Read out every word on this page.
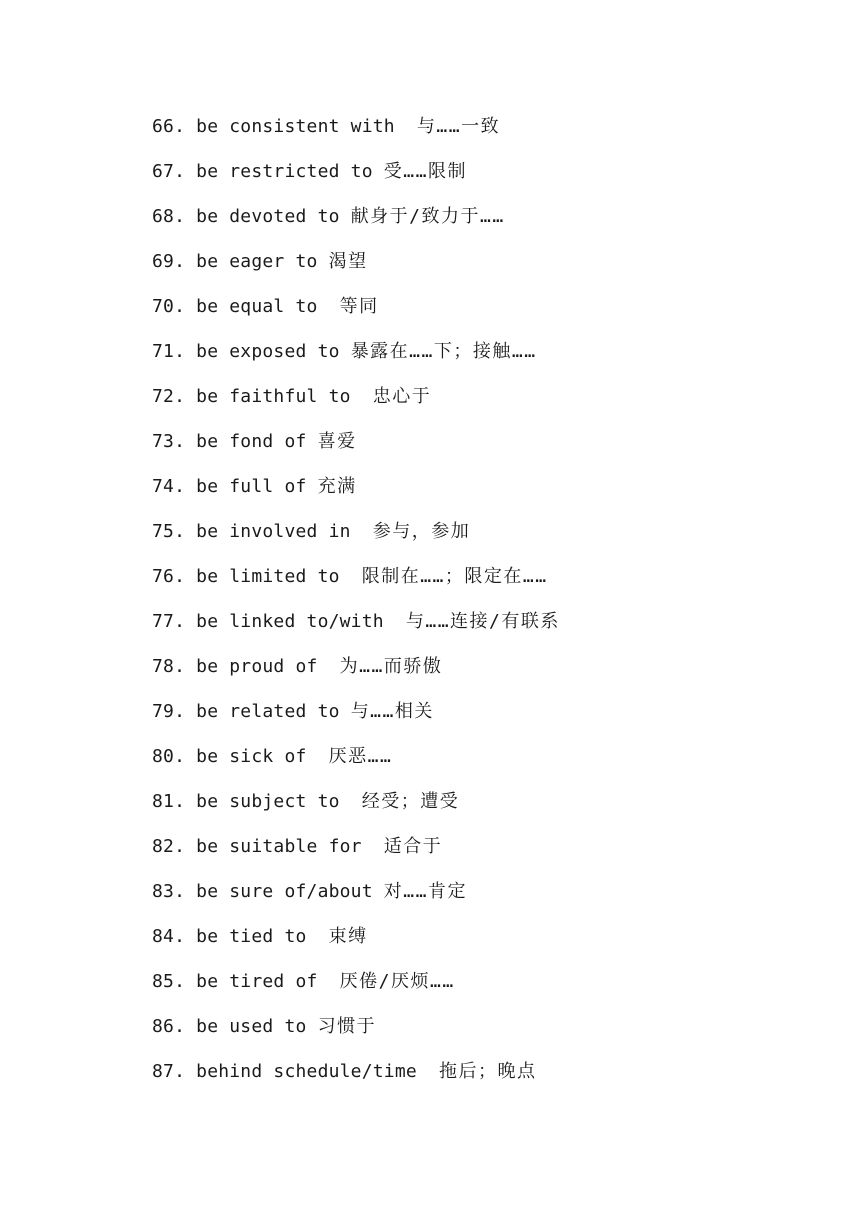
66. be consistent with  与……一致
67. be restricted to 受……限制
68. be devoted to 献身于/致力于……
69. be eager to 渴望
70. be equal to  等同
71. be exposed to 暴露在……下；接触……
72. be faithful to  忠心于
73. be fond of 喜爱
74. be full of 充满
75. be involved in  参与，参加
76. be limited to  限制在……；限定在……
77. be linked to/with  与……连接/有联系
78. be proud of  为……而骄傲
79. be related to 与……相关
80. be sick of  厌恶……
81. be subject to  经受；遭受
82. be suitable for  适合于
83. be sure of/about 对……肯定
84. be tied to  束缚
85. be tired of  厌倦/厌烦……
86. be used to 习惯于
87. behind schedule/time  拖后；晚点
